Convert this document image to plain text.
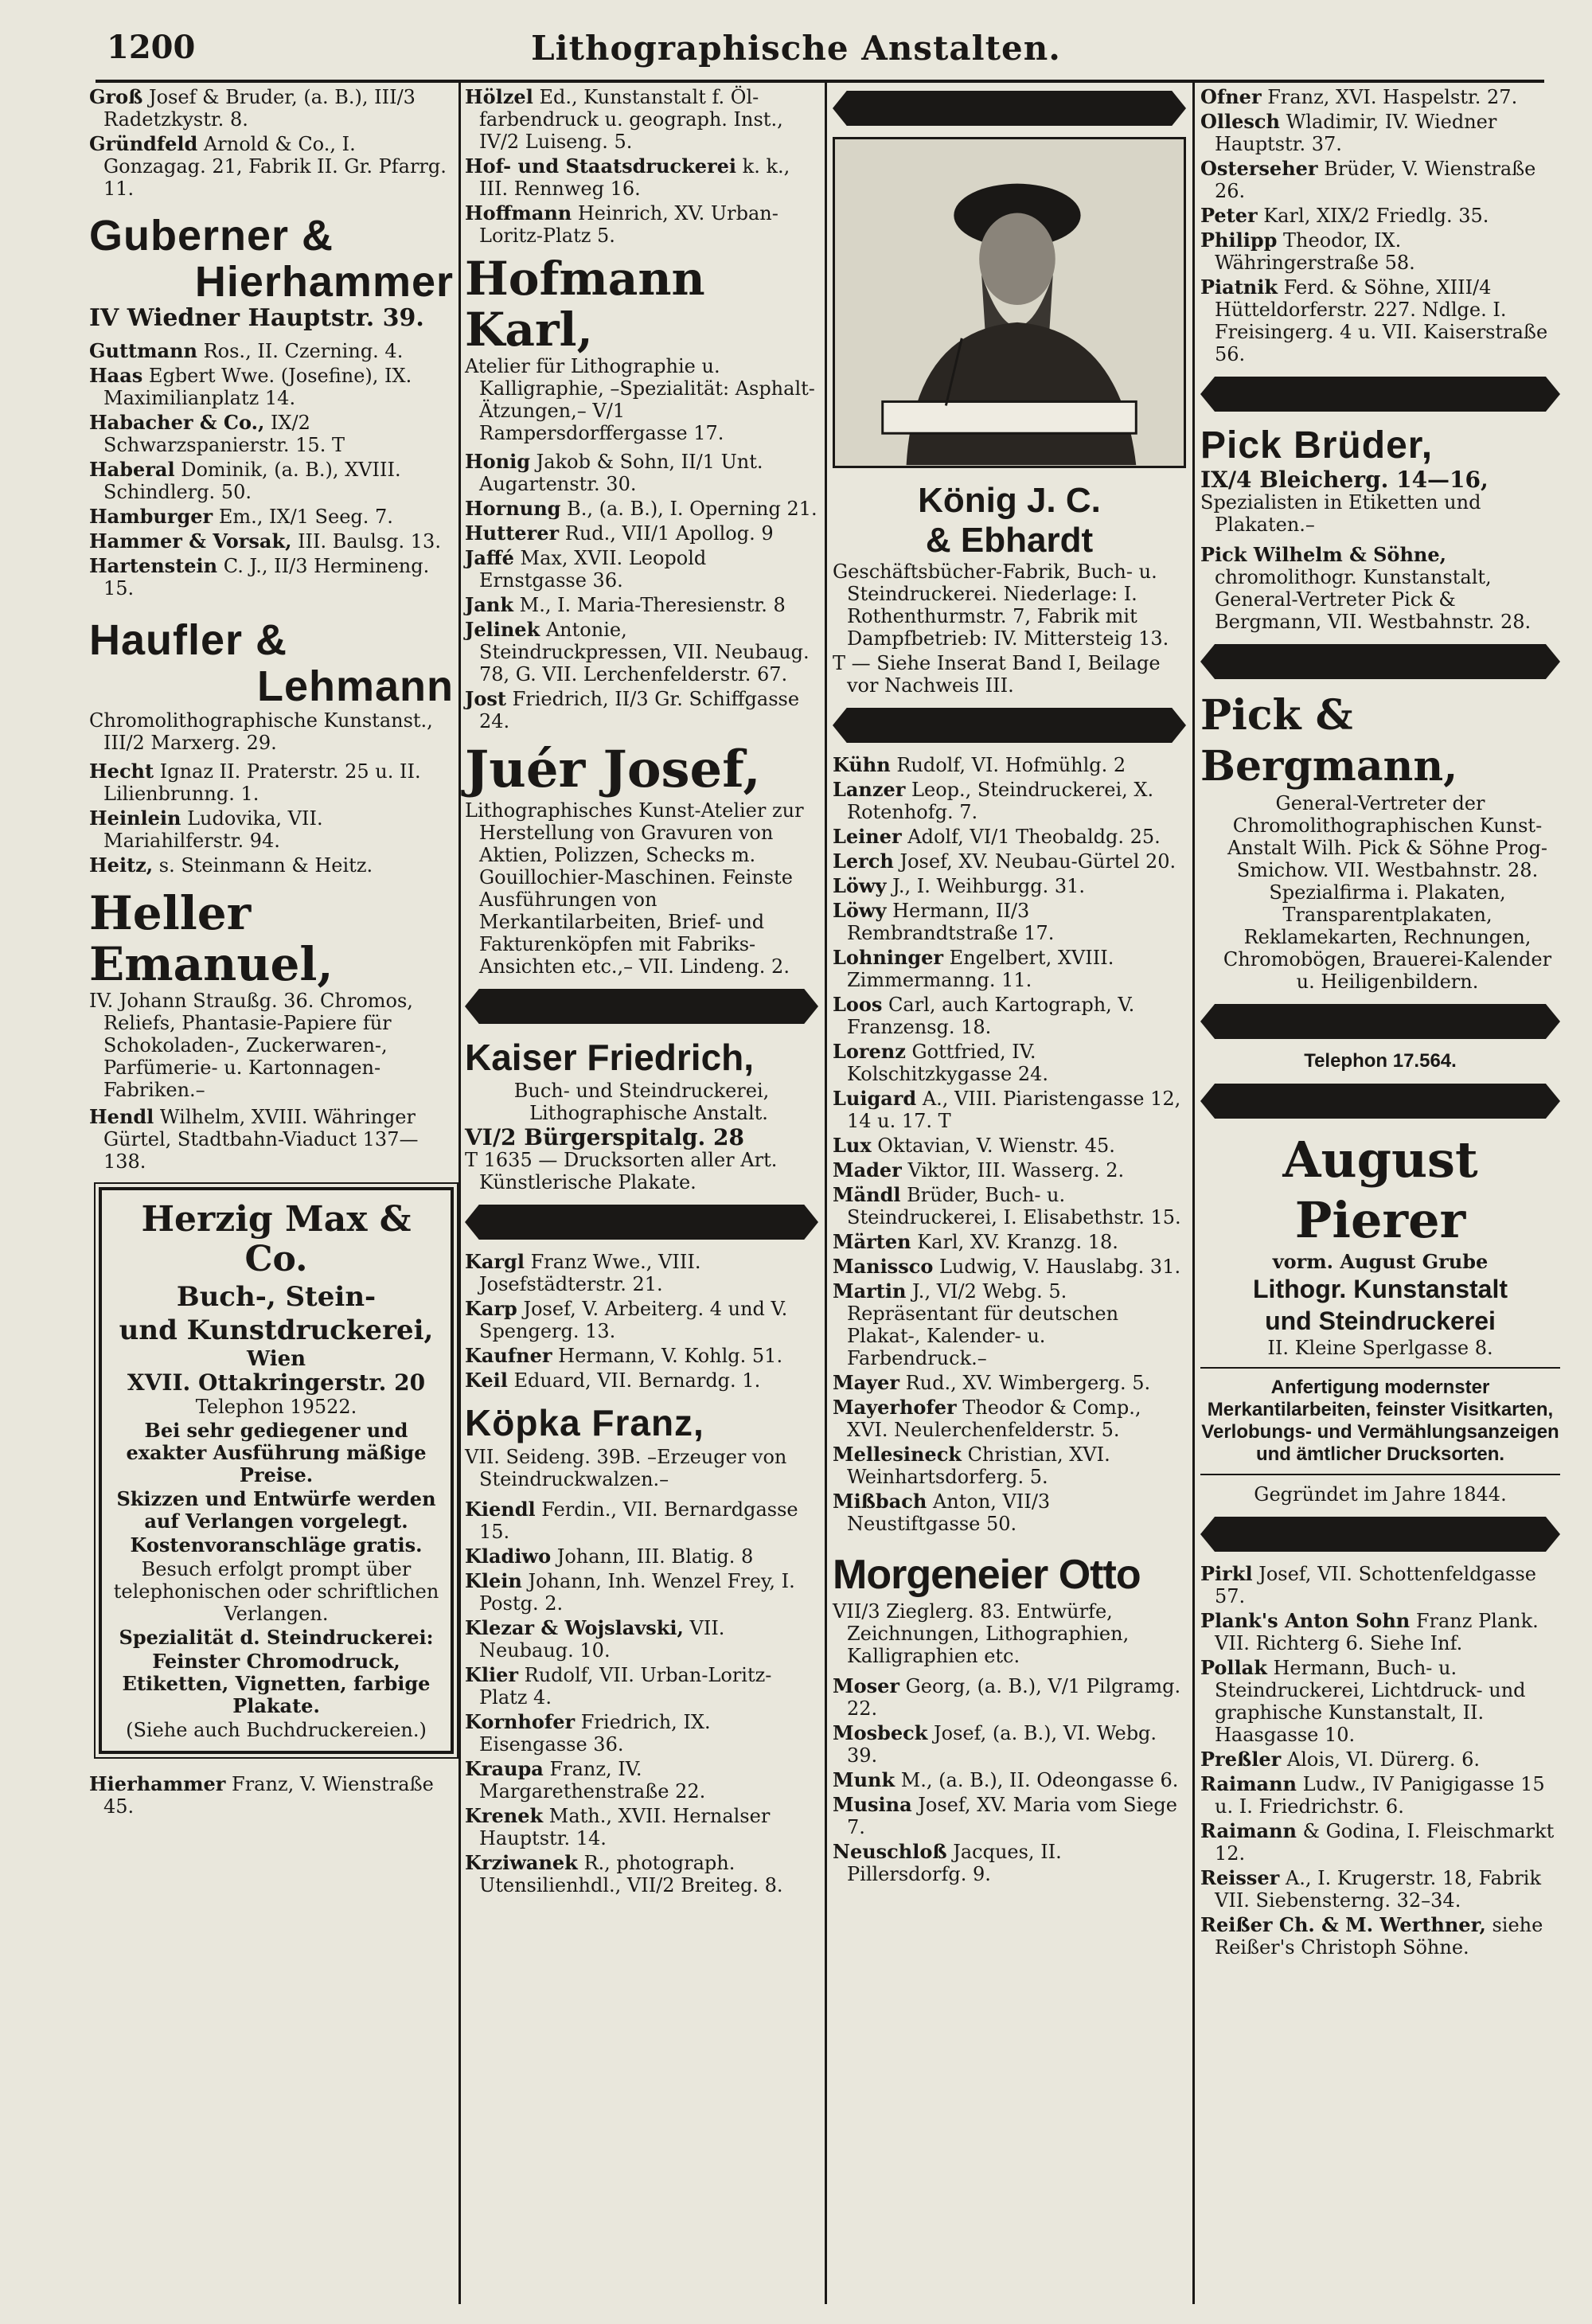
1200	Lithographische Anstalten.

Groß Josef & Bruder, (a. B.), III/3 Radetzkystr. 8.

Gründfeld Arnold & Co., I. Gonzagag. 21, Fabrik II. Gr. Pfarrg. 11.

Guberner &
Hierhammer
IV Wiedner Hauptstr. 39.

Guttmann Ros., II. Czerning. 4.

Haas Egbert Wwe. (Josefine), IX. Maximilianplatz 14.

Habacher & Co., IX/2 Schwarzspanierstr. 15. T

Haberal Dominik, (a. B.), XVIII. Schindlerg. 50.

Hamburger Em., IX/1 Seeg. 7.

Hammer & Vorsak, III. Baulsg. 13.

Hartenstein C. J., II/3 Hermineng. 15.

Haufler &
Lehmann
Chromolithographische Kunstanst., III/2 Marxerg. 29.

Hecht Ignaz II. Praterstr. 25 u. II. Lilienbrunng. 1.

Heinlein Ludovika, VII. Mariahilferstr. 94.

Heitz, s. Steinmann & Heitz.

Heller Emanuel,
IV. Johann Straußg. 36. Chromos, Reliefs, Phantasie-Papiere für Schokoladen-, Zuckerwaren-, Parfümerie- u. Kartonnagen-Fabriken.–

Hendl Wilhelm, XVIII. Währinger Gürtel, Stadtbahn-Viaduct 137—138.

Herzig Max & Co.

Buch-, Stein-

und Kunstdruckerei,

Wien

XVII. Ottakringerstr. 20

Telephon 19522.

Bei sehr gediegener und exakter Ausführung mäßige Preise.

Skizzen und Entwürfe werden auf Verlangen vorgelegt.

Kostenvoranschläge gratis.

Besuch erfolgt prompt über telephonischen oder schriftlichen Verlangen.

Spezialität d. Steindruckerei:

Feinster Chromodruck, Etiketten, Vignetten, farbige Plakate.

(Siehe auch Buchdruckereien.)

Hierhammer Franz, V. Wienstraße 45.

Hölzel Ed., Kunstanstalt f. Öl-farbendruck u. geograph. Inst., IV/2 Luiseng. 5.

Hof- und Staatsdruckerei k. k., III. Rennweg 16.

Hoffmann Heinrich, XV. Urban-Loritz-Platz 5.

Hofmann Karl,
Atelier für Lithographie u. Kalligraphie, –Spezialität: Asphalt-Ätzungen,– V/1 Rampersdorffergasse 17.

Honig Jakob & Sohn, II/1 Unt. Augartenstr. 30.

Hornung B., (a. B.), I. Operning 21.

Hutterer Rud., VII/1 Apollog. 9

Jaffé Max, XVII. Leopold Ernstgasse 36.

Jank M., I. Maria-Theresienstr. 8

Jelinek Antonie, Steindruckpressen, VII. Neubaug. 78, G. VII. Lerchenfelderstr. 67.

Jost Friedrich, II/3 Gr. Schiffgasse 24.

Juér Josef,
Lithographisches Kunst-Atelier zur Herstellung von Gravuren von Aktien, Polizzen, Schecks m. Gouillochier-Maschinen. Feinste Ausführungen von Merkantilarbeiten, Brief- und Fakturenköpfen mit Fabriks-Ansichten etc.,– VII. Lindeng. 2.
Kaiser Friedrich,
Buch- und Steindruckerei, Lithographische Anstalt.
VI/2 Bürgerspitalg. 28
T 1635 — Drucksorten aller Art. Künstlerische Plakate.

Kargl Franz Wwe., VIII. Josefstädterstr. 21.

Karp Josef, V. Arbeiterg. 4 und V. Spengerg. 13.

Kaufner Hermann, V. Kohlg. 51.

Keil Eduard, VII. Bernardg. 1.

Köpka Franz,
VII. Seideng. 39B. –Erzeuger von Steindruckwalzen.–

Kiendl Ferdin., VII. Bernardgasse 15.

Kladiwo Johann, III. Blatig. 8

Klein Johann, Inh. Wenzel Frey, I. Postg. 2.

Klezar & Wojslavski, VII. Neubaug. 10.

Klier Rudolf, VII. Urban-Loritz-Platz 4.

Kornhofer Friedrich, IX. Eisengasse 36.

Kraupa Franz, IV. Margarethenstraße 22.

Krenek Math., XVII. Hernalser Hauptstr. 14.

Krziwanek R., photograph. Utensilienhdl., VII/2 Breiteg. 8.

König J. C.

& Ebhardt

Geschäftsbücher-Fabrik, Buch- u. Steindruckerei. Niederlage: I. Rothenthurmstr. 7, Fabrik mit Dampfbetrieb: IV. Mittersteig 13.
T — Siehe Inserat Band I, Beilage vor Nachweis III.

Kühn Rudolf, VI. Hofmühlg. 2

Lanzer Leop., Steindruckerei, X. Rotenhofg. 7.

Leiner Adolf, VI/1 Theobaldg. 25.

Lerch Josef, XV. Neubau-Gürtel 20.

Löwy J., I. Weihburgg. 31.

Löwy Hermann, II/3 Rembrandtstraße 17.

Lohninger Engelbert, XVIII. Zimmermanng. 11.

Loos Carl, auch Kartograph, V. Franzensg. 18.

Lorenz Gottfried, IV. Kolschitzkygasse 24.

Luigard A., VIII. Piaristengasse 12, 14 u. 17. T

Lux Oktavian, V. Wienstr. 45.

Mader Viktor, III. Wasserg. 2.

Mändl Brüder, Buch- u. Steindruckerei, I. Elisabethstr. 15.

Märten Karl, XV. Kranzg. 18.

Manissco Ludwig, V. Hauslabg. 31.

Martin J., VI/2 Webg. 5. Repräsentant für deutschen Plakat-, Kalender- u. Farbendruck.–

Mayer Rud., XV. Wimbergerg. 5.

Mayerhofer Theodor & Comp., XVI. Neulerchenfelderstr. 5.

Mellesineck Christian, XVI. Weinhartsdorferg. 5.

Mißbach Anton, VII/3 Neustiftgasse 50.

Morgeneier Otto
VII/3 Zieglerg. 83. Entwürfe, Zeichnungen, Lithographien, Kalligraphien etc.

Moser Georg, (a. B.), V/1 Pilgramg. 22.

Mosbeck Josef, (a. B.), VI. Webg. 39.

Munk M., (a. B.), II. Odeongasse 6.

Musina Josef, XV. Maria vom Siege 7.

Neuschloß Jacques, II. Pillersdorfg. 9.

Ofner Franz, XVI. Haspelstr. 27.

Ollesch Wladimir, IV. Wiedner Hauptstr. 37.

Osterseher Brüder, V. Wienstraße 26.

Peter Karl, XIX/2 Friedlg. 35.

Philipp Theodor, IX. Währingerstraße 58.

Piatnik Ferd. & Söhne, XIII/4 Hütteldorferstr. 227. Ndlge. I. Freisingerg. 4 u. VII. Kaiserstraße 56.

Pick Brüder,
IX/4 Bleicherg. 14—16,
Spezialisten in Etiketten und Plakaten.–

Pick Wilhelm & Söhne, chromolithogr. Kunstanstalt, General-Vertreter Pick & Bergmann, VII. Westbahnstr. 28.

Pick & Bergmann,
General-Vertreter der Chromolithographischen Kunst-Anstalt Wilh. Pick & Söhne Prog-Smichow. VII. Westbahnstr. 28. Spezialfirma i. Plakaten, Transparentplakaten, Reklamekarten, Rechnungen, Chromobögen, Brauerei-Kalender u. Heiligenbildern.
Telephon 17.564.
August Pierer
vorm. August Grube
Lithogr. Kunstanstalt
und Steindruckerei
II. Kleine Sperlgasse 8.
Anfertigung modernster Merkantilarbeiten, feinster Visitkarten, Verlobungs- und Vermählungsanzeigen und ämtlicher Drucksorten.
Gegründet im Jahre 1844.

Pirkl Josef, VII. Schottenfeldgasse 57.

Plank's Anton Sohn Franz Plank. VII. Richterg 6. Siehe Inf.

Pollak Hermann, Buch- u. Steindruckerei, Lichtdruck- und graphische Kunstanstalt, II. Haasgasse 10.

Preßler Alois, VI. Dürerg. 6.

Raimann Ludw., IV Panigigasse 15 u. I. Friedrichstr. 6.

Raimann & Godina, I. Fleischmarkt 12.

Reisser A., I. Krugerstr. 18, Fabrik VII. Siebensterng. 32–34.

Reißer Ch. & M. Werthner, siehe Reißer's Christoph Söhne.
